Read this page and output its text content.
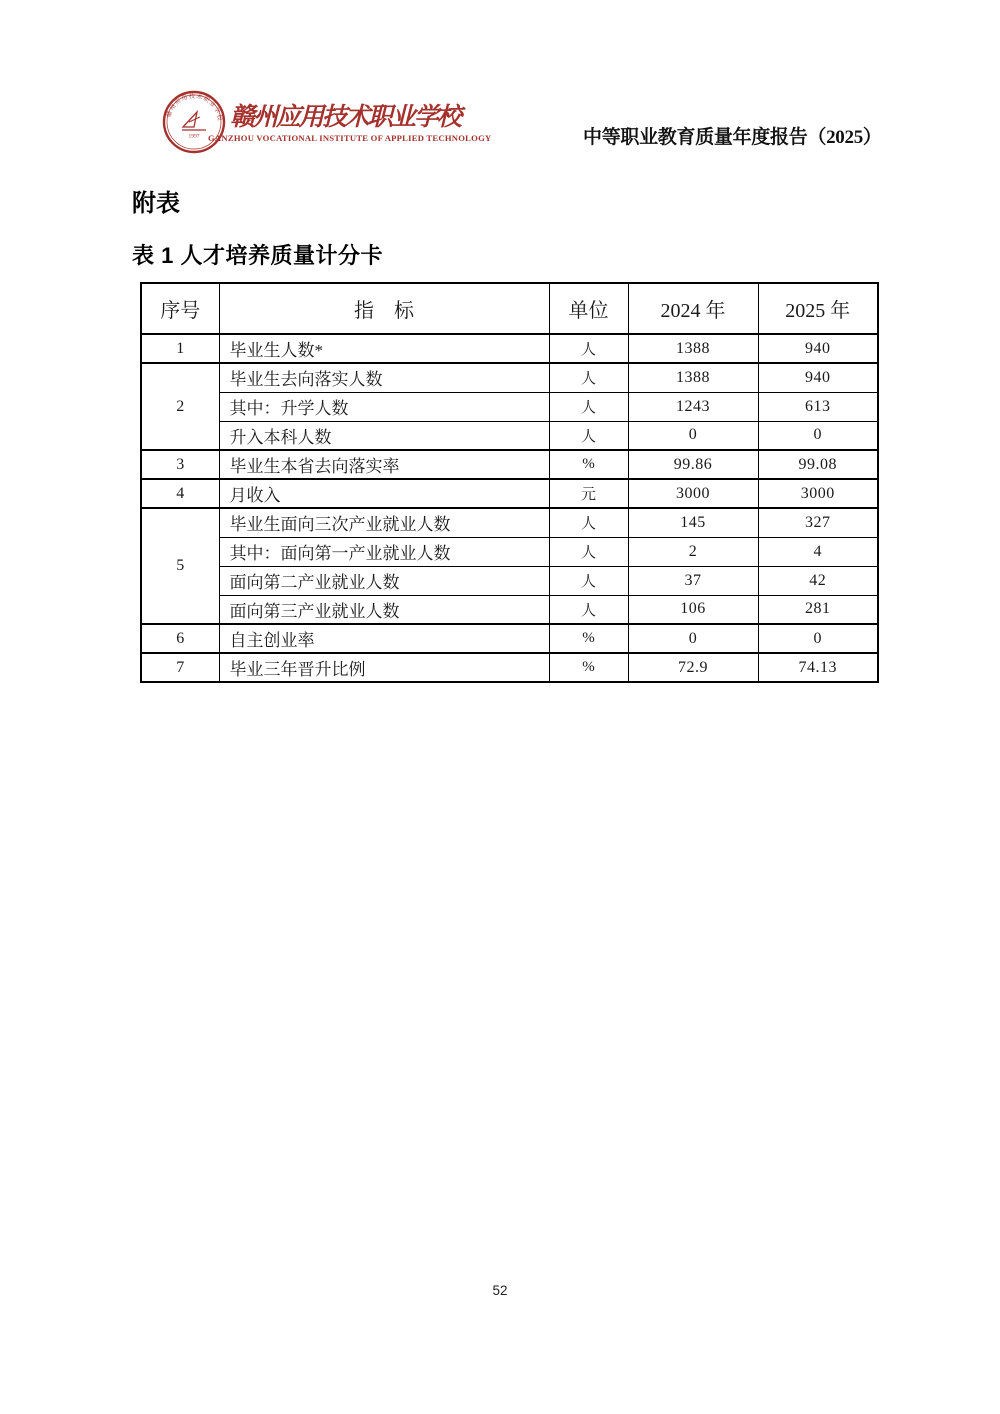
赣州应用技术职业学校
1997
赣州应用技术职业学校
GANZHOU VOCATIONAL INSTITUTE OF APPLIED TECHNOLOGY	中等职业教育质量年度报告（2025）
附表
表 1 人才培养质量计分卡
序号	指　标	单位	2024 年	2025 年
1	毕业生人数*	人	1388	940
2	毕业生去向落实人数	人	1388	940
	其中：升学人数	人	1243	613
	升入本科人数	人	0	0
3	毕业生本省去向落实率	%	99.86	99.08
4	月收入	元	3000	3000
5	毕业生面向三次产业就业人数	人	145	327
	其中：面向第一产业就业人数	人	2	4
	面向第二产业就业人数	人	37	42
	面向第三产业就业人数	人	106	281
6	自主创业率	%	0	0
7	毕业三年晋升比例	%	72.9	74.13
52
